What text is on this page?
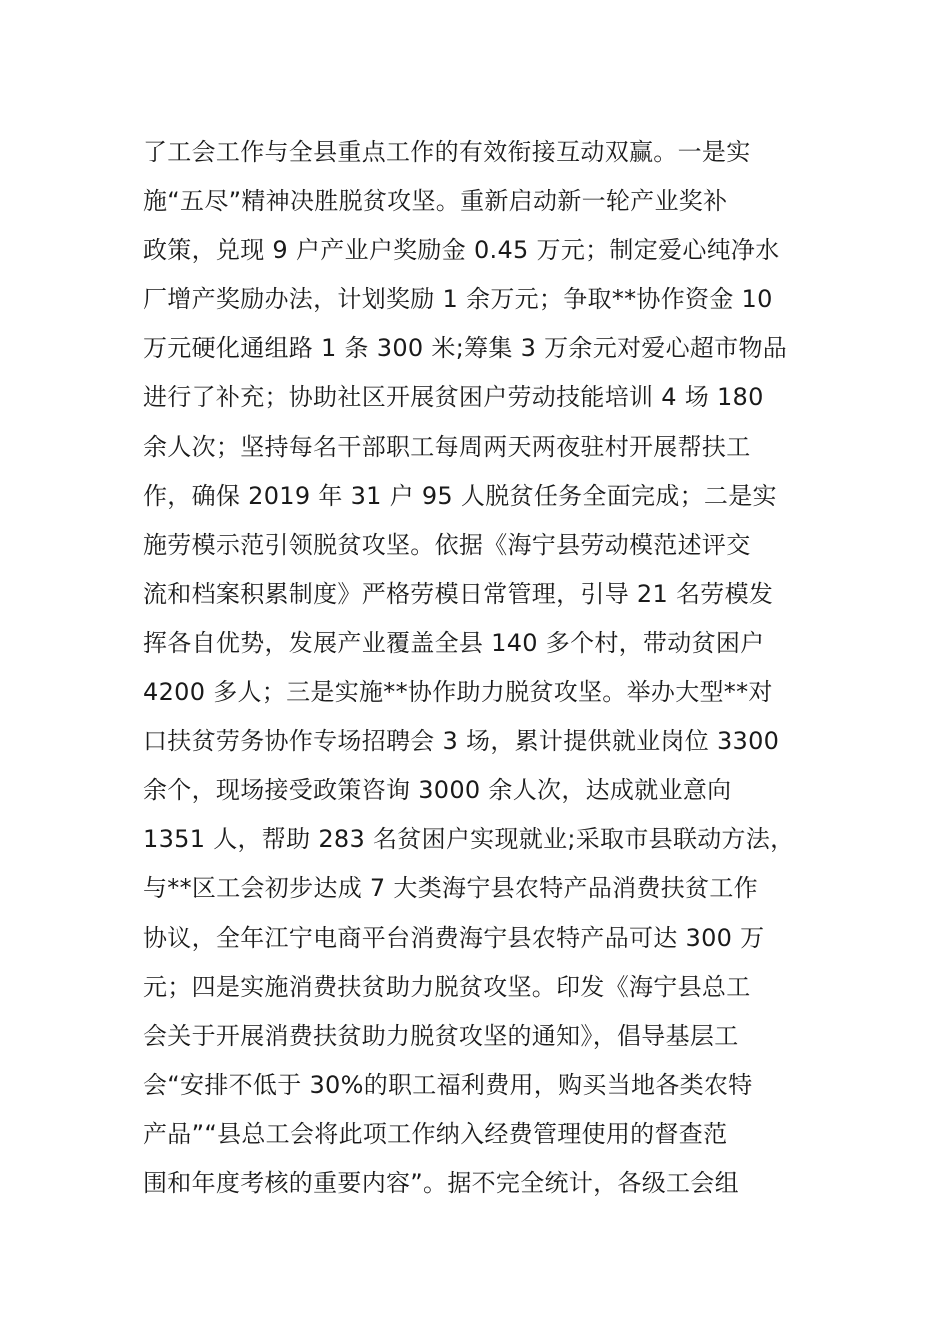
了工会工作与全县重点工作的有效衔接互动双赢。一是实
施“五尽”精神决胜脱贫攻坚。重新启动新一轮产业奖补
政策，兑现 9 户产业户奖励金 0.45 万元；制定爱心纯净水
厂增产奖励办法，计划奖励 1 余万元；争取**协作资金 10
万元硬化通组路 1 条 300 米;筹集 3 万余元对爱心超市物品
进行了补充；协助社区开展贫困户劳动技能培训 4 场 180
余人次；坚持每名干部职工每周两天两夜驻村开展帮扶工
作，确保 2019 年 31 户 95 人脱贫任务全面完成；二是实
施劳模示范引领脱贫攻坚。依据《海宁县劳动模范述评交
流和档案积累制度》严格劳模日常管理，引导 21 名劳模发
挥各自优势，发展产业覆盖全县 140 多个村，带动贫困户
4200 多人；三是实施**协作助力脱贫攻坚。举办大型**对
口扶贫劳务协作专场招聘会 3 场，累计提供就业岗位 3300
余个，现场接受政策咨询 3000 余人次，达成就业意向
1351 人，帮助 283 名贫困户实现就业;采取市县联动方法，
与**区工会初步达成 7 大类海宁县农特产品消费扶贫工作
协议，全年江宁电商平台消费海宁县农特产品可达 300 万
元；四是实施消费扶贫助力脱贫攻坚。印发《海宁县总工
会关于开展消费扶贫助力脱贫攻坚的通知》，倡导基层工
会“安排不低于 30%的职工福利费用，购买当地各类农特
产品”“县总工会将此项工作纳入经费管理使用的督查范
围和年度考核的重要内容”。据不完全统计，各级工会组
